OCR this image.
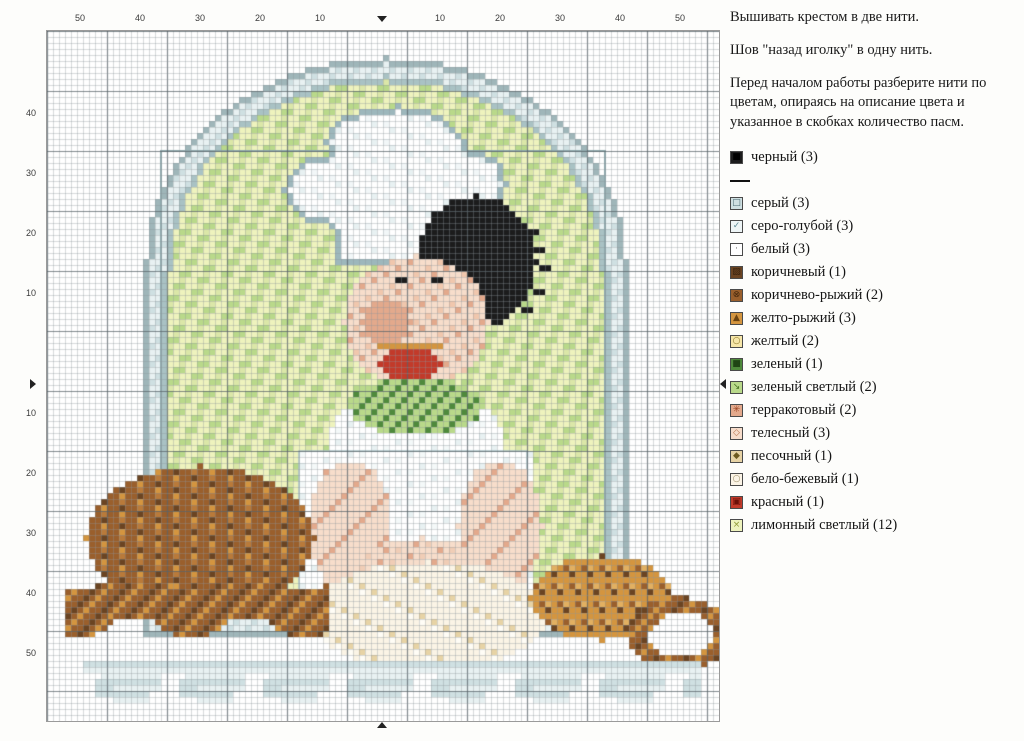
50	40	30	20	10	10	20	30	40	50
40
30
20
10
10
20
30
40
50
Вышивать крестом в две нити.
Шов "назад иголку" в одну нить.
Перед началом работы разберите нити по цветам, опираясь на описание цвета и указанное в скобках количество пасм.
■ черный (3)
□ серый (3)
✓ серо-голубой (3)
· белый (3)
▨ коричневый (1)
⊗ коричнево-рыжий (2)
▲ желто-рыжий (3)
○ желтый (2)
■ зеленый (1)
↘ зеленый светлый (2)
✳ терракотовый (2)
◇ телесный (3)
◆ песочный (1)
○ бело-бежевый (1)
▣ красный (1)
× лимонный светлый (12)
